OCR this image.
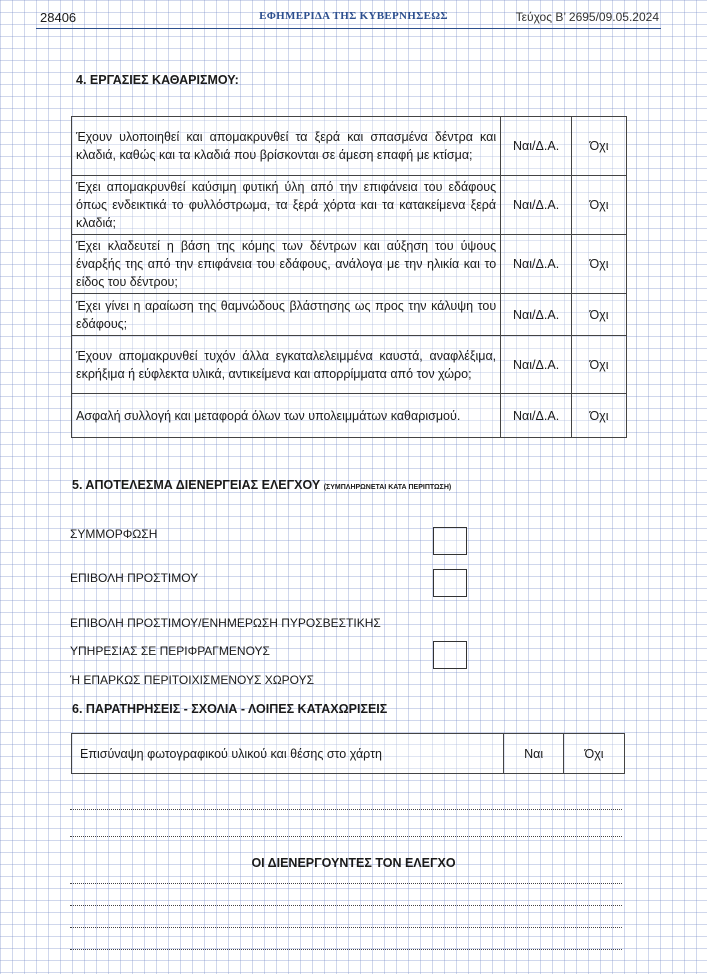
28406	ΕΦΗΜΕΡΙΔΑ ΤΗΣ ΚΥΒΕΡΝΗΣΕΩΣ	Τεύχος Β’ 2695/09.05.2024
4. ΕΡΓΑΣΙΕΣ ΚΑΘΑΡΙΣΜΟΥ:
Έχουν υλοποιηθεί και απομακρυνθεί τα ξερά και σπασμένα δέντρα και κλαδιά, καθώς και τα κλαδιά που βρίσκονται σε άμεση επαφή με κτίσμα;	Ναι/Δ.Α.	Όχι
Έχει απομακρυνθεί καύσιμη φυτική ύλη από την επιφάνεια του εδάφους όπως ενδεικτικά το φυλλόστρωμα, τα ξερά χόρτα και τα κατακείμενα ξερά κλαδιά;	Ναι/Δ.Α.	Όχι
Έχει κλαδευτεί η βάση της κόμης των δέντρων και αύξηση του ύψους έναρξής της από την επιφάνεια του εδάφους, ανάλογα με την ηλικία και το είδος του δέντρου;	Ναι/Δ.Α.	Όχι
Έχει γίνει η αραίωση της θαμνώδους βλάστησης ως προς την κάλυψη του εδάφους;	Ναι/Δ.Α.	Όχι
Έχουν απομακρυνθεί τυχόν άλλα εγκαταλελειμμένα καυστά, αναφλέξιμα, εκρήξιμα ή εύφλεκτα υλικά, αντικείμενα και απορρίμματα από τον χώρο;	Ναι/Δ.Α.	Όχι
Ασφαλή συλλογή και μεταφορά όλων των υπολειμμάτων καθαρισμού.	Ναι/Δ.Α.	Όχι
5. ΑΠΟΤΕΛΕΣΜΑ ΔΙΕΝΕΡΓΕΙΑΣ ΕΛΕΓΧΟΥ (ΣΥΜΠΛΗΡΩΝΕΤΑΙ ΚΑΤΑ ΠΕΡΙΠΤΩΣΗ)
ΣΥΜΜΟΡΦΩΣΗ
ΕΠΙΒΟΛΗ ΠΡΟΣΤΙΜΟΥ
ΕΠΙΒΟΛΗ ΠΡΟΣΤΙΜΟΥ/ΕΝΗΜΕΡΩΣΗ ΠΥΡΟΣΒΕΣΤΙΚΗΣ
ΥΠΗΡΕΣΙΑΣ ΣΕ ΠΕΡΙΦΡΑΓΜΕΝΟΥΣ
Ή ΕΠΑΡΚΩΣ ΠΕΡΙΤΟΙΧΙΣΜΕΝΟΥΣ ΧΩΡΟΥΣ
6. ΠΑΡΑΤΗΡΗΣΕΙΣ - ΣΧΟΛΙΑ - ΛΟΙΠΕΣ ΚΑΤΑΧΩΡΙΣΕΙΣ
Επισύναψη φωτογραφικού υλικού και θέσης στο χάρτη	Ναι	Όχι
ΟΙ ΔΙΕΝΕΡΓΟΥΝΤΕΣ ΤΟΝ ΕΛΕΓΧΟ
